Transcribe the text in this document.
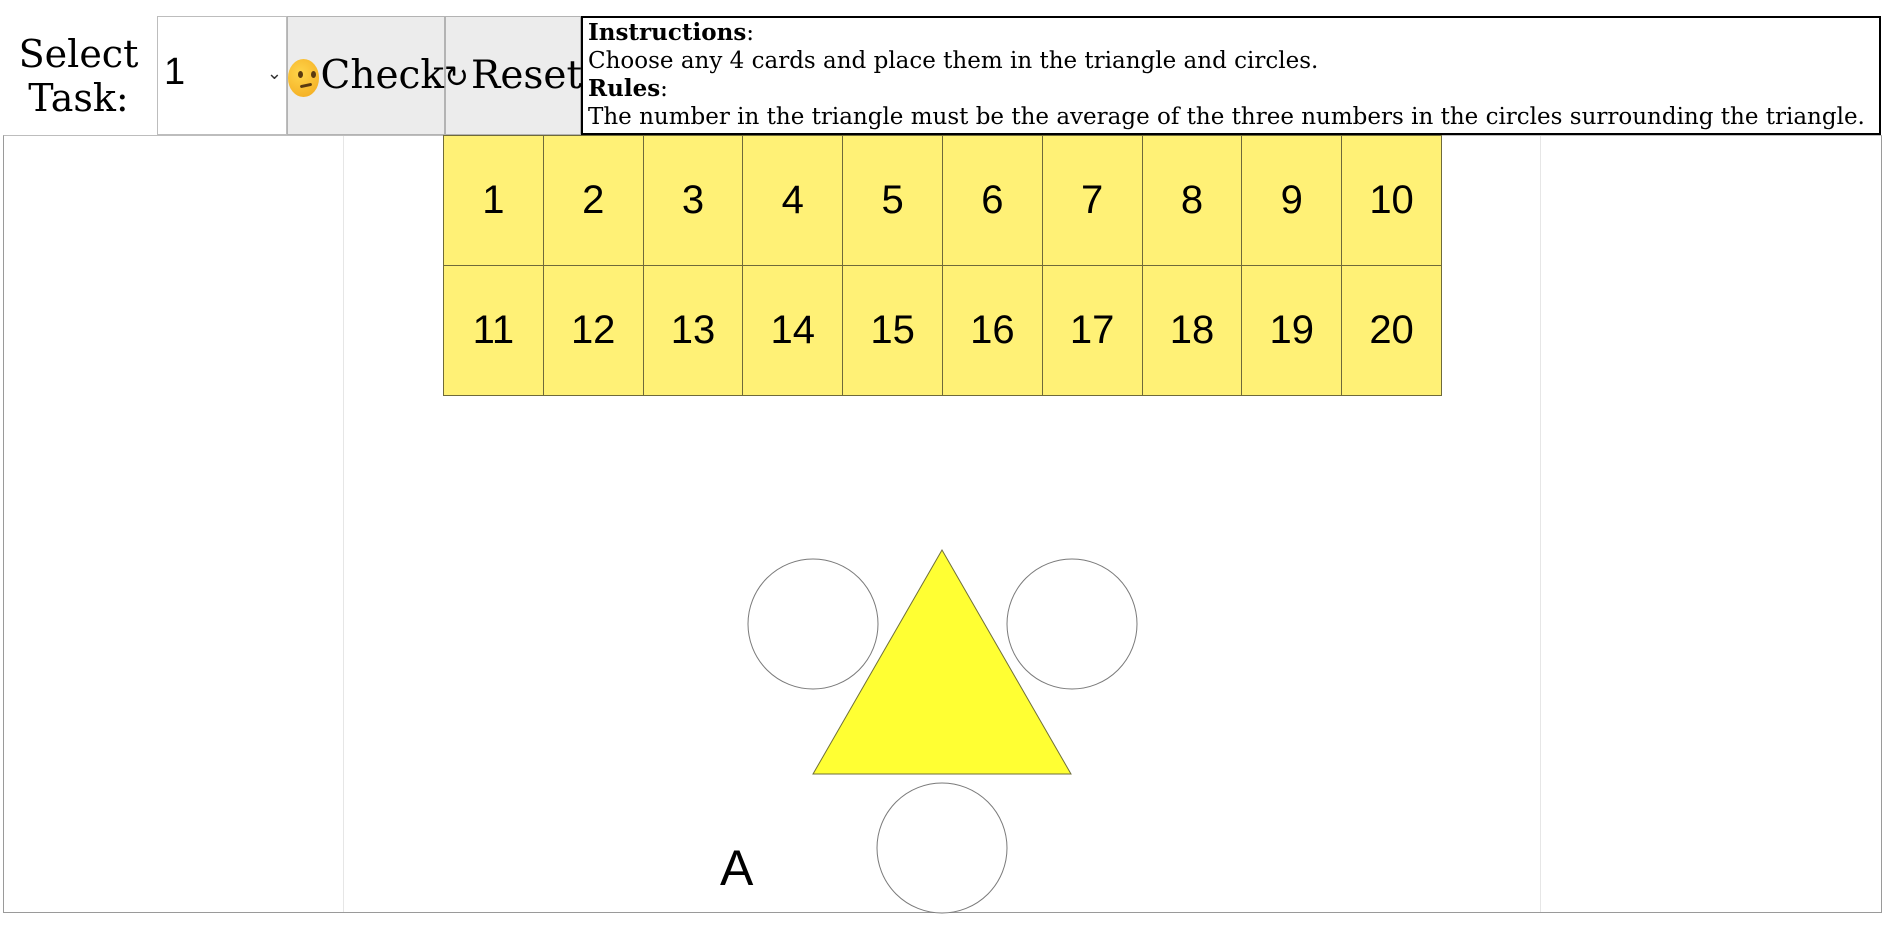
Select
Task:
1	⌄ Check ↻ Reset
Instructions:
Choose any 4 cards and place them in the triangle and circles.
Rules:
The number in the triangle must be the average of the three numbers in the circles surrounding the triangle.
1	2	3	4	5	6	7	8	9	10
11	12	13	14	15	16	17	18	19	20
A
